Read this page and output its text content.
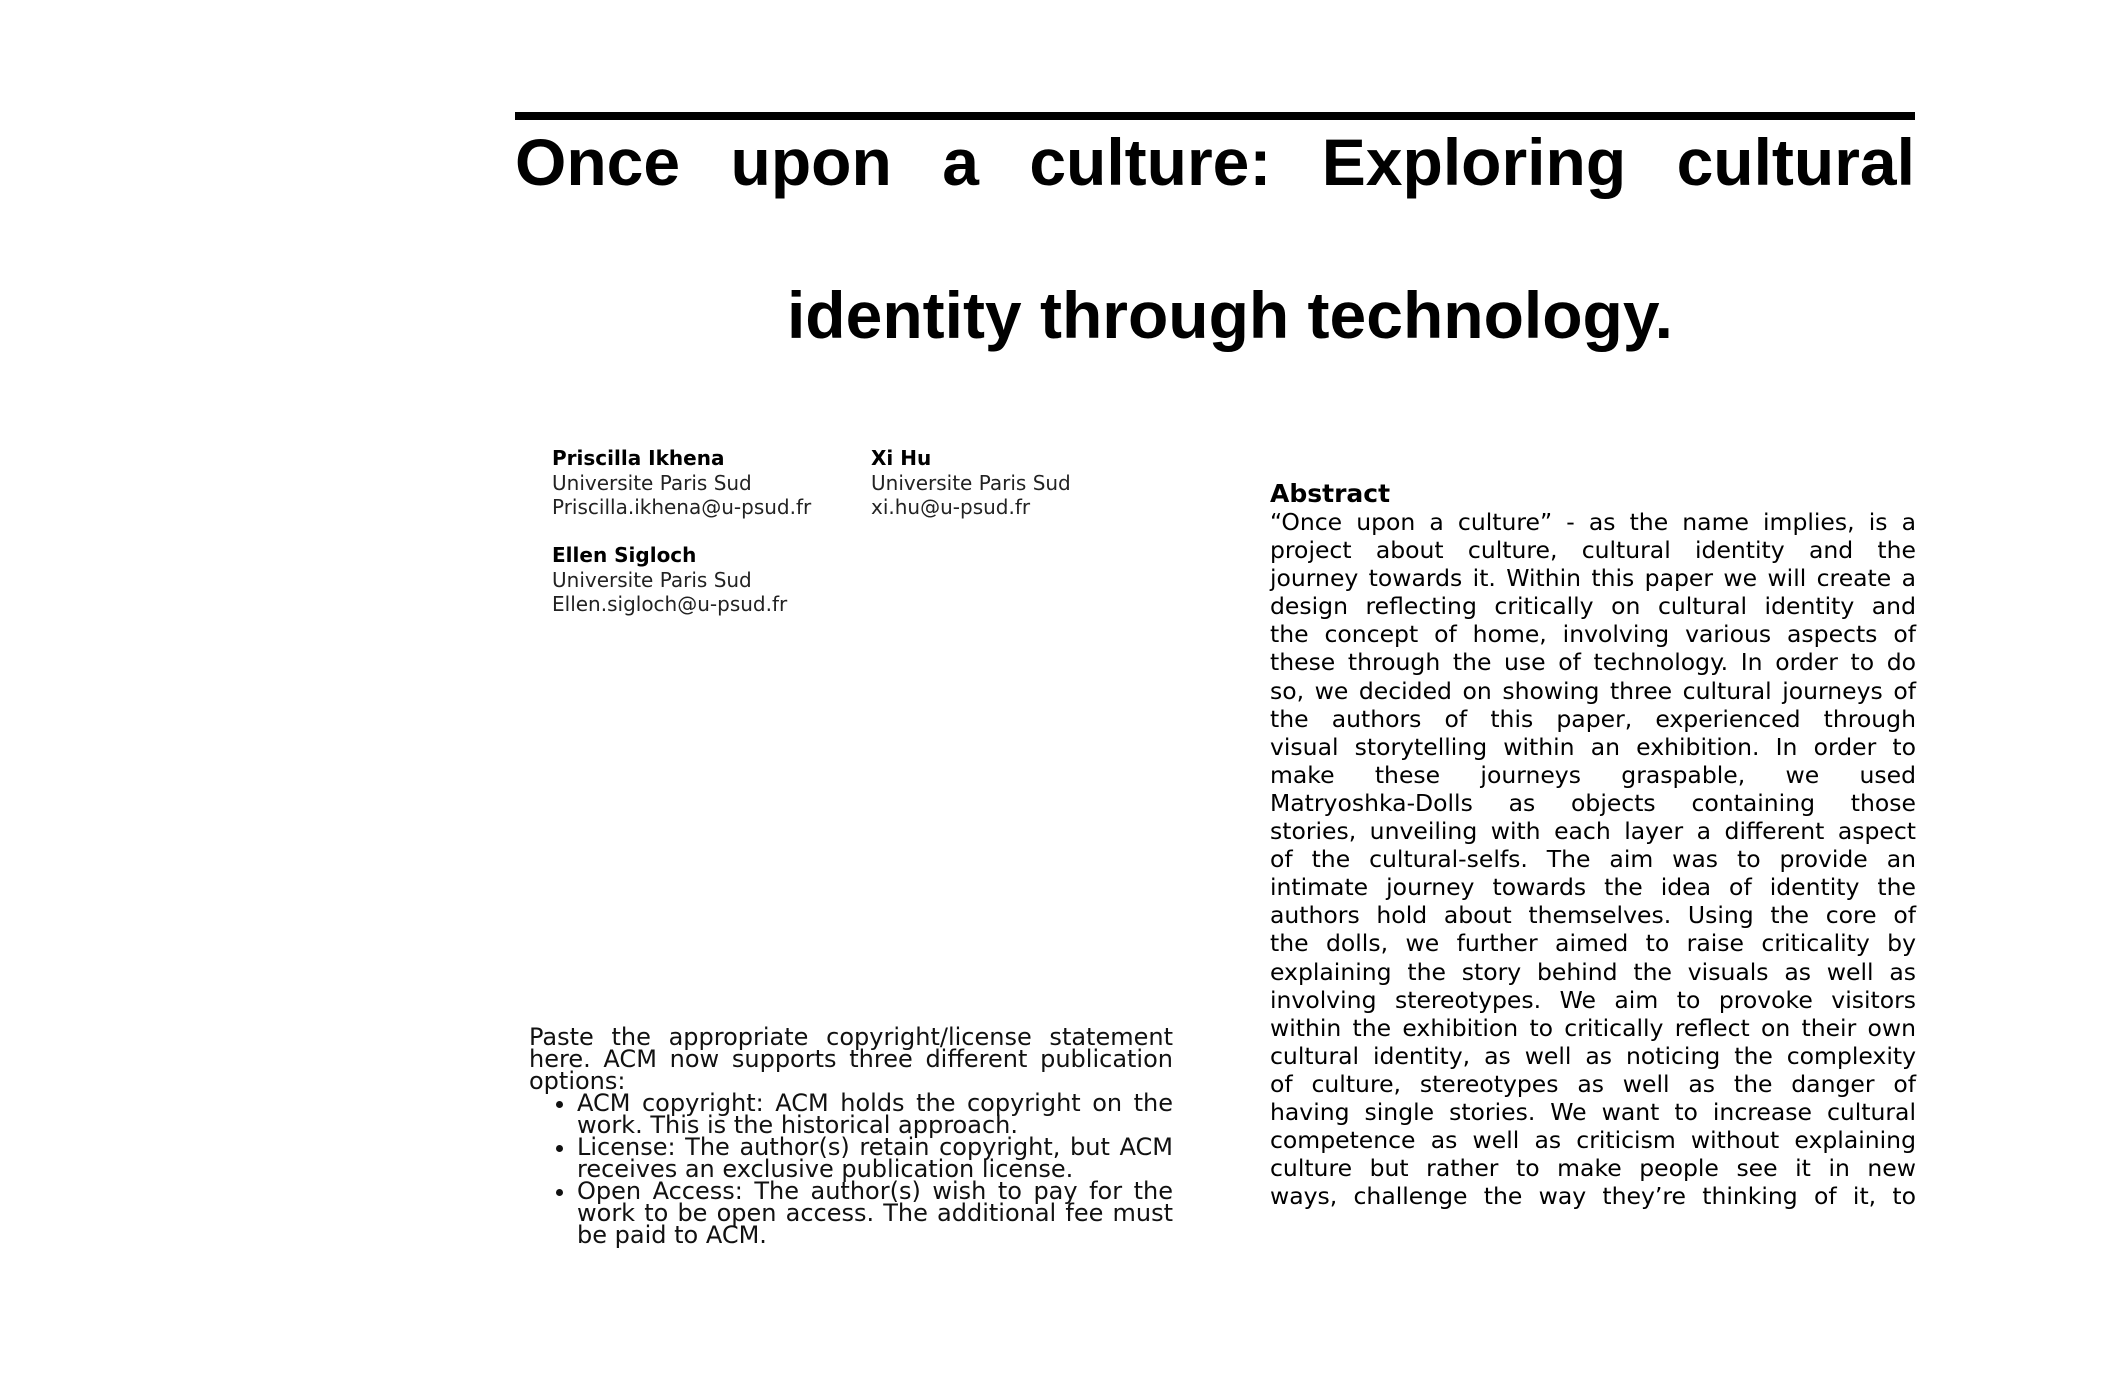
Once upon a culture: Exploring cultural
identity through technology.
Priscilla Ikhena
Universite Paris Sud
Priscilla.ikhena@u-psud.fr
Xi Hu
Universite Paris Sud
xi.hu@u-psud.fr
Ellen Sigloch
Universite Paris Sud
Ellen.sigloch@u-psud.fr
Abstract
“Once upon a culture” - as the name implies, is a
project about culture, cultural identity and the
journey towards it. Within this paper we will create a
design reflecting critically on cultural identity and
the concept of home, involving various aspects of
these through the use of technology. In order to do
so, we decided on showing three cultural journeys of
the authors of this paper, experienced through
visual storytelling within an exhibition. In order to
make these journeys graspable, we used
Matryoshka-Dolls as objects containing those
stories, unveiling with each layer a different aspect
of the cultural-selfs. The aim was to provide an
intimate journey towards the idea of identity the
authors hold about themselves. Using the core of
the dolls, we further aimed to raise criticality by
explaining the story behind the visuals as well as
involving stereotypes. We aim to provoke visitors
within the exhibition to critically reflect on their own
cultural identity, as well as noticing the complexity
of culture, stereotypes as well as the danger of
having single stories. We want to increase cultural
competence as well as criticism without explaining
culture but rather to make people see it in new
ways, challenge the way they’re thinking of it, to

Paste the appropriate copyright/license statement here. ACM now supports three different publication options:

• ACM copyright: ACM holds the copyright on the work. This is the historical approach.
• License: The author(s) retain copyright, but ACM receives an exclusive publication license.
• Open Access: The author(s) wish to pay for the work to be open access. The additional fee must be paid to ACM.
